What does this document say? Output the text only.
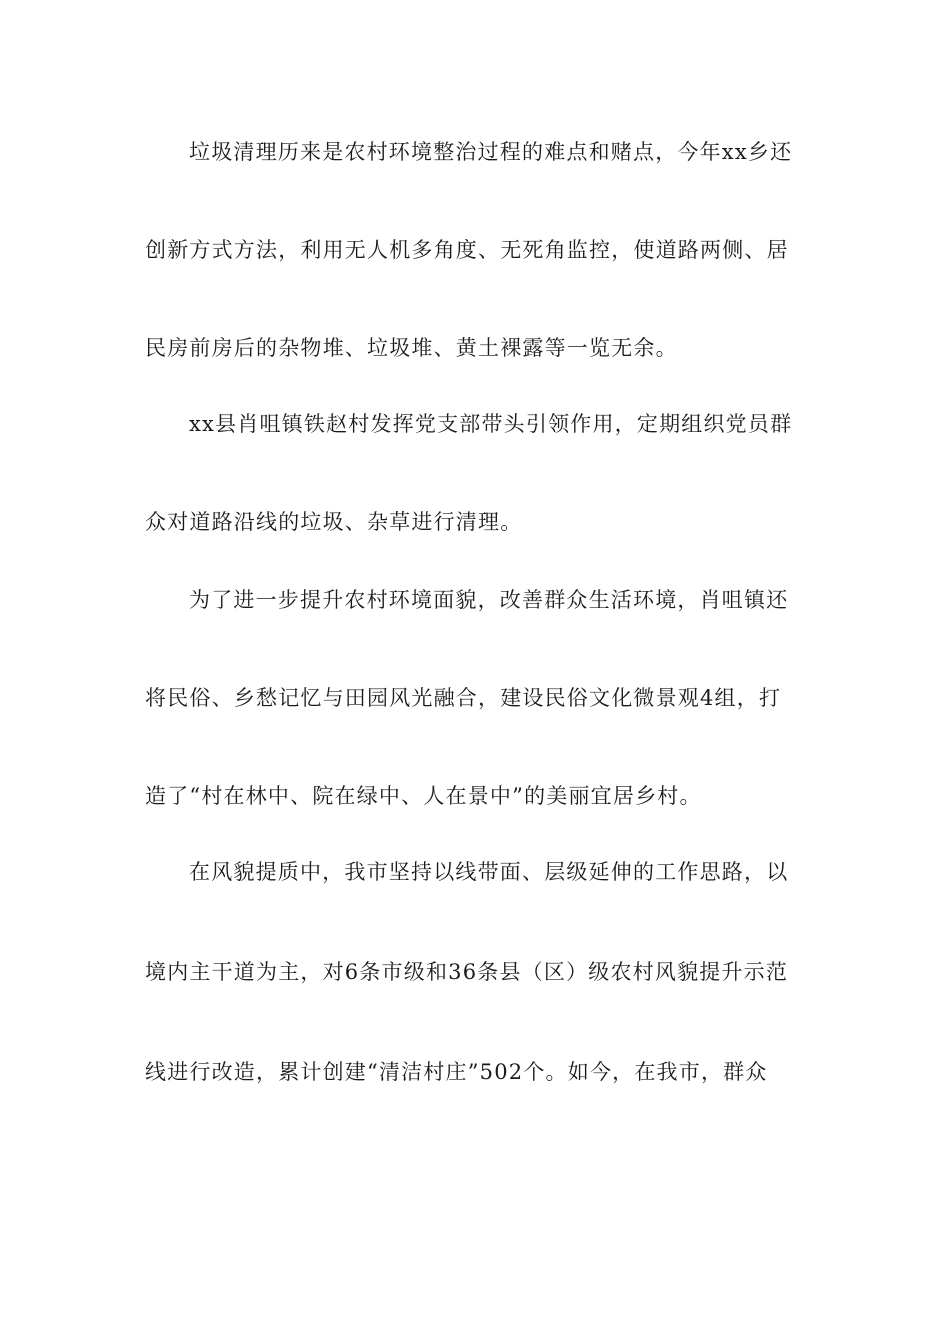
垃圾清理历来是农村环境整治过程的难点和赌点，今年xx乡还
创新方式方法，利用无人机多角度、无死角监控，使道路两侧、居
民房前房后的杂物堆、垃圾堆、黄土裸露等一览无余。
xx县肖咀镇铁赵村发挥党支部带头引领作用，定期组织党员群
众对道路沿线的垃圾、杂草进行清理。
为了进一步提升农村环境面貌，改善群众生活环境，肖咀镇还
将民俗、乡愁记忆与田园风光融合，建设民俗文化微景观4组，打
造了“村在林中、院在绿中、人在景中”的美丽宜居乡村。
在风貌提质中，我市坚持以线带面、层级延伸的工作思路，以
境内主干道为主，对6条市级和36条县（区）级农村风貌提升示范
线进行改造，累计创建“清洁村庄”502个。如今，在我市，群众
